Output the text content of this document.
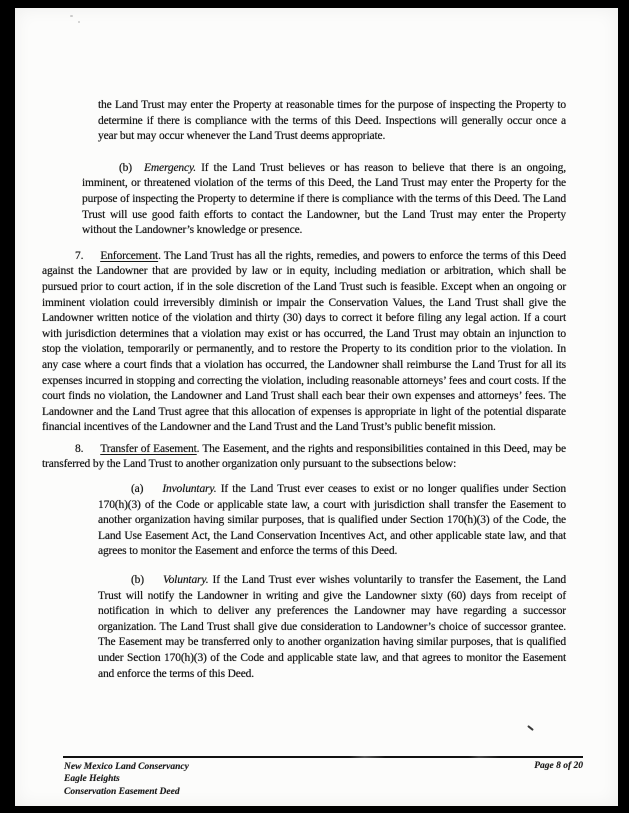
the Land Trust may enter the Property at reasonable times for the purpose of inspecting the Property to determine if there is compliance with the terms of this Deed. Inspections will generally occur once a year but may occur whenever the Land Trust deems appropriate.

(b) Emergency. If the Land Trust believes or has reason to believe that there is an ongoing, imminent, or threatened violation of the terms of this Deed, the Land Trust may enter the Property for the purpose of inspecting the Property to determine if there is compliance with the terms of this Deed. The Land Trust will use good faith efforts to contact the Landowner, but the Land Trust may enter the Property without the Landowner’s knowledge or presence.

7. Enforcement. The Land Trust has all the rights, remedies, and powers to enforce the terms of this Deed against the Landowner that are provided by law or in equity, including mediation or arbitration, which shall be pursued prior to court action, if in the sole discretion of the Land Trust such is feasible. Except when an ongoing or imminent violation could irreversibly diminish or impair the Conservation Values, the Land Trust shall give the Landowner written notice of the violation and thirty (30) days to correct it before filing any legal action. If a court with jurisdiction determines that a violation may exist or has occurred, the Land Trust may obtain an injunction to stop the violation, temporarily or permanently, and to restore the Property to its condition prior to the violation. In any case where a court finds that a violation has occurred, the Landowner shall reimburse the Land Trust for all its expenses incurred in stopping and correcting the violation, including reasonable attorneys’ fees and court costs. If the court finds no violation, the Landowner and Land Trust shall each bear their own expenses and attorneys’ fees. The Landowner and the Land Trust agree that this allocation of expenses is appropriate in light of the potential disparate financial incentives of the Landowner and the Land Trust and the Land Trust’s public benefit mission.

8. Transfer of Easement. The Easement, and the rights and responsibilities contained in this Deed, may be transferred by the Land Trust to another organization only pursuant to the subsections below:

(a) Involuntary. If the Land Trust ever ceases to exist or no longer qualifies under Section 170(h)(3) of the Code or applicable state law, a court with jurisdiction shall transfer the Easement to another organization having similar purposes, that is qualified under Section 170(h)(3) of the Code, the Land Use Easement Act, the Land Conservation Incentives Act, and other applicable state law, and that agrees to monitor the Easement and enforce the terms of this Deed.

(b) Voluntary. If the Land Trust ever wishes voluntarily to transfer the Easement, the Land Trust will notify the Landowner in writing and give the Landowner sixty (60) days from receipt of notification in which to deliver any preferences the Landowner may have regarding a successor organization. The Land Trust shall give due consideration to Landowner’s choice of successor grantee. The Easement may be transferred only to another organization having similar purposes, that is qualified under Section 170(h)(3) of the Code and applicable state law, and that agrees to monitor the Easement and enforce the terms of this Deed.

New Mexico Land Conservancy
Eagle Heights
Conservation Easement Deed
Page 8 of 20
